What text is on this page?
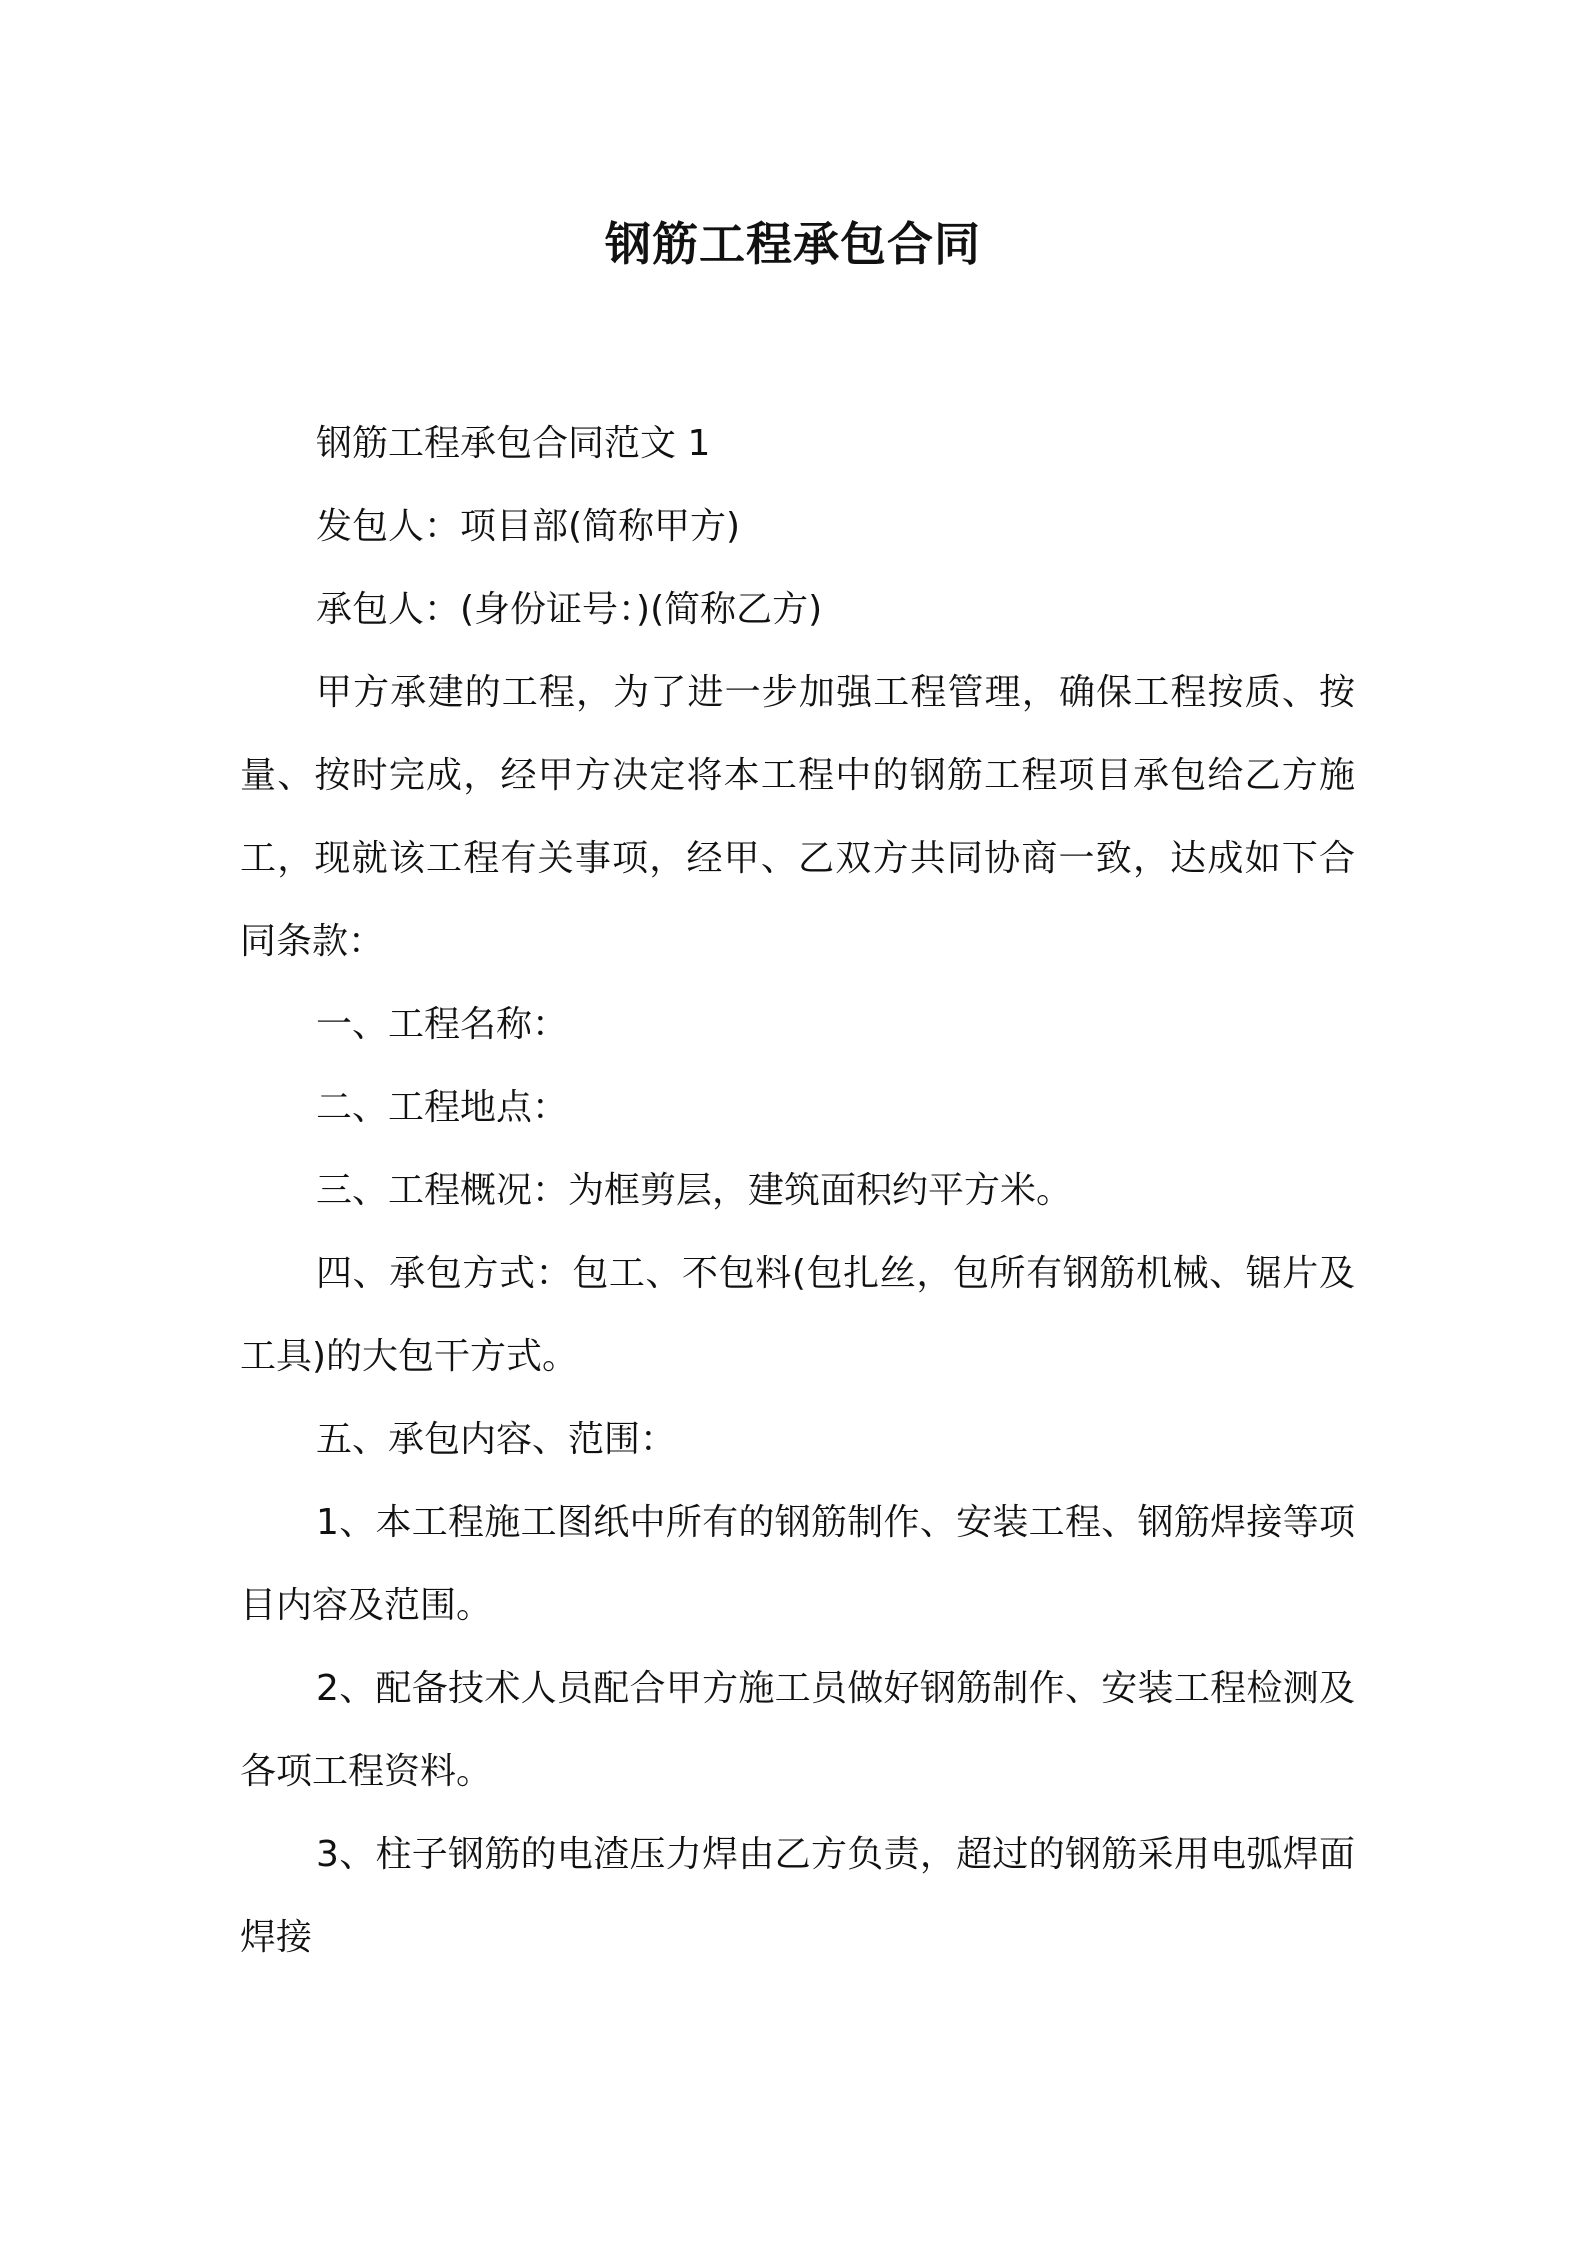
钢筋工程承包合同

钢筋工程承包合同范文 1

发包人：项目部(简称甲方)

承包人：(身份证号：)(简称乙方)

甲方承建的工程，为了进一步加强工程管理，确保工程按质、按量、按时完成，经甲方决定将本工程中的钢筋工程项目承包给乙方施工，现就该工程有关事项，经甲、乙双方共同协商一致，达成如下合同条款：

一、工程名称：

二、工程地点：

三、工程概况：为框剪层，建筑面积约平方米。

四、承包方式：包工、不包料(包扎丝，包所有钢筋机械、锯片及工具)的大包干方式。

五、承包内容、范围：

1、本工程施工图纸中所有的钢筋制作、安装工程、钢筋焊接等项目内容及范围。

2、配备技术人员配合甲方施工员做好钢筋制作、安装工程检测及各项工程资料。

3、柱子钢筋的电渣压力焊由乙方负责，超过的钢筋采用电弧焊面焊接
